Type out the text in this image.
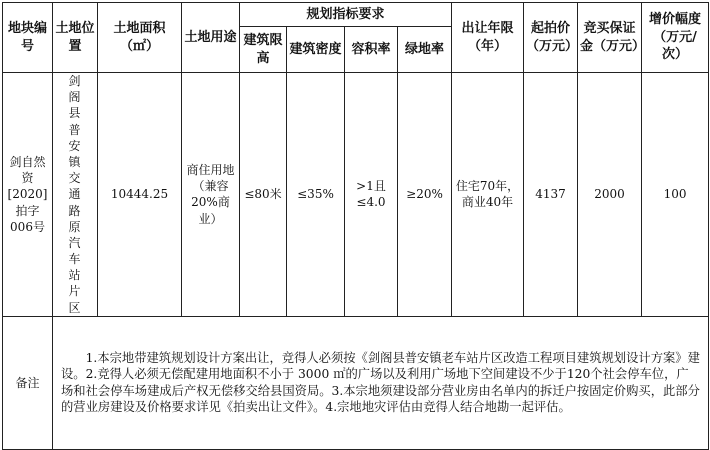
地块编号	土地位置	土地面积（㎡）	土地用途	规划指标要求				出让年限（年）	起拍价（万元）	竞买保证金（万元）	增价幅度（万元/次）
				建筑限高	建筑密度	容积率	绿地率				
剑自然资[2020]拍字006号	剑阁县普安镇交通路原汽车站片区	10444.25	商住用地（兼容20%商业）	≤80米	≤35%	>1且≤4.0	≥20%	住宅70年，商业40年	4137	2000	100
备注	1.本宗地带建筑规划设计方案出让，竞得人必须按《剑阁县普安镇老车站片区改造工程项目建筑规划设计方案》建设。2.竞得人必须无偿配建用地面积不小于 3000 ㎡的广场以及利用广场地下空间建设不少于120个社会停车位，广场和社会停车场建成后产权无偿移交给县国资局。3.本宗地须建设部分营业房由名单内的拆迁户按固定价购买，此部分的营业房建设及价格要求详见《拍卖出让文件》。4.宗地地灾评估由竞得人结合地勘一起评估。										
